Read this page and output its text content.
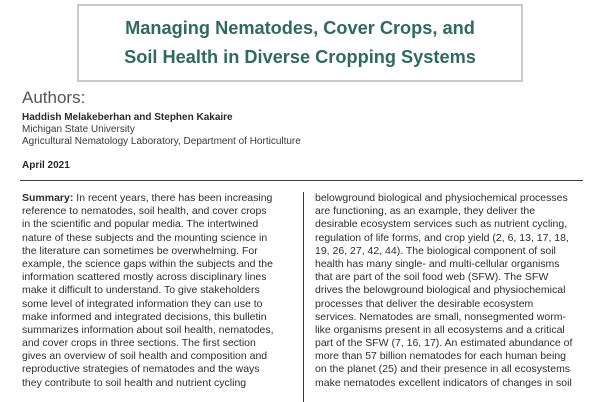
Managing Nematodes, Cover Crops, and
Soil Health in Diverse Cropping Systems
Authors:
Haddish Melakeberhan and Stephen Kakaire
Michigan State University
Agricultural Nematology Laboratory, Department of Horticulture
April 2021
Summary: In recent years, there has been increasing
reference to nematodes, soil health, and cover crops
in the scientific and popular media. The intertwined
nature of these subjects and the mounting science in
the literature can sometimes be overwhelming. For
example, the science gaps within the subjects and the
information scattered mostly across disciplinary lines
make it difficult to understand. To give stakeholders
some level of integrated information they can use to
make informed and integrated decisions, this bulletin
summarizes information about soil health, nematodes,
and cover crops in three sections. The first section
gives an overview of soil health and composition and
reproductive strategies of nematodes and the ways
they contribute to soil health and nutrient cycling
belowground biological and physiochemical processes
are functioning, as an example, they deliver the
desirable ecosystem services such as nutrient cycling,
regulation of life forms, and crop yield (2, 6, 13, 17, 18,
19, 26, 27, 42, 44). The biological component of soil
health has many single- and multi-cellular organisms
that are part of the soil food web (SFW). The SFW
drives the belowground biological and physiochemical
processes that deliver the desirable ecosystem
services. Nematodes are small, nonsegmented worm-
like organisms present in all ecosystems and a critical
part of the SFW (7, 16, 17). An estimated abundance of
more than 57 billion nematodes for each human being
on the planet (25) and their presence in all ecosystems
make nematodes excellent indicators of changes in soil
